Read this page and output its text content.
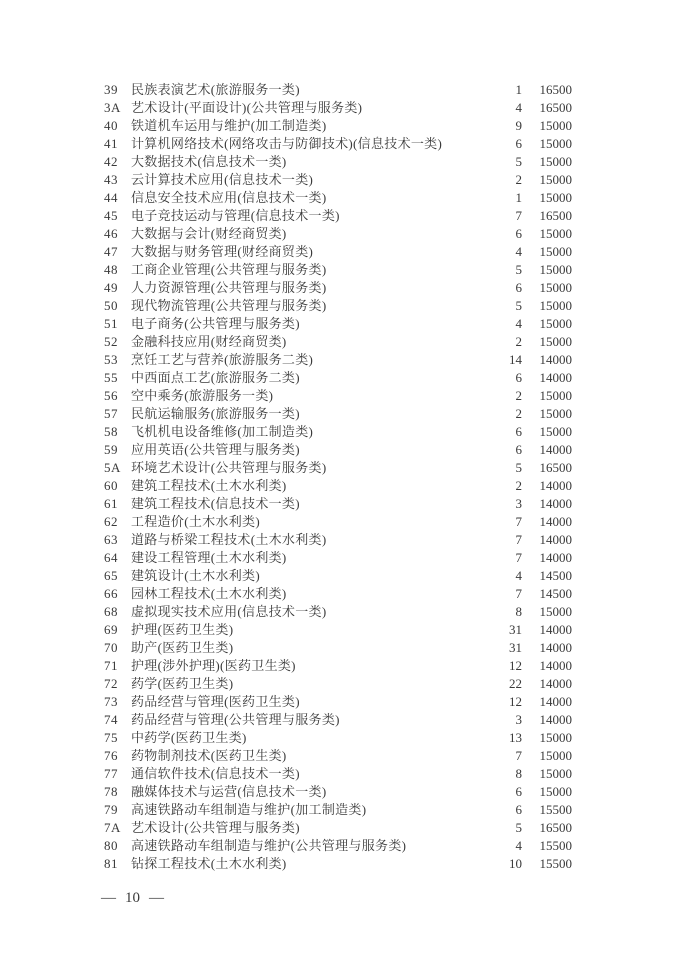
39	民族表演艺术(旅游服务一类)	1	16500
3A 艺术设计(平面设计)(公共管理与服务类)	4	16500
40	铁道机车运用与维护(加工制造类)	9	15000
41	计算机网络技术(网络攻击与防御技术)(信息技术一类)	6	15000
42	大数据技术(信息技术一类)	5	15000
43	云计算技术应用(信息技术一类)	2	15000
44	信息安全技术应用(信息技术一类)	1	15000
45	电子竞技运动与管理(信息技术一类)	7	16500
46	大数据与会计(财经商贸类)	6	15000
47	大数据与财务管理(财经商贸类)	4	15000
48	工商企业管理(公共管理与服务类)	5	15000
49	人力资源管理(公共管理与服务类)	6	15000
50	现代物流管理(公共管理与服务类)	5	15000
51	电子商务(公共管理与服务类)	4	15000
52	金融科技应用(财经商贸类)	2	15000
53	烹饪工艺与营养(旅游服务二类)	14	14000
55	中西面点工艺(旅游服务二类)	6	14000
56	空中乘务(旅游服务一类)	2	15000
57	民航运输服务(旅游服务一类)	2	15000
58	飞机机电设备维修(加工制造类)	6	15000
59	应用英语(公共管理与服务类)	6	14000
5A 环境艺术设计(公共管理与服务类)	5	16500
60	建筑工程技术(土木水利类)	2	14000
61	建筑工程技术(信息技术一类)	3	14000
62	工程造价(土木水利类)	7	14000
63	道路与桥梁工程技术(土木水利类)	7	14000
64	建设工程管理(土木水利类)	7	14000
65	建筑设计(土木水利类)	4	14500
66	园林工程技术(土木水利类)	7	14500
68	虚拟现实技术应用(信息技术一类)	8	15000
69	护理(医药卫生类)	31	14000
70	助产(医药卫生类)	31	14000
71	护理(涉外护理)(医药卫生类)	12	14000
72	药学(医药卫生类)	22	14000
73	药品经营与管理(医药卫生类)	12	14000
74	药品经营与管理(公共管理与服务类)	3	14000
75	中药学(医药卫生类)	13	15000
76	药物制剂技术(医药卫生类)	7	15000
77	通信软件技术(信息技术一类)	8	15000
78	融媒体技术与运营(信息技术一类)	6	15000
79	高速铁路动车组制造与维护(加工制造类)	6	15500
7A 艺术设计(公共管理与服务类)	5	16500
80	高速铁路动车组制造与维护(公共管理与服务类)	4	15500
81	钻探工程技术(土木水利类)	10	15500
— 10 —
